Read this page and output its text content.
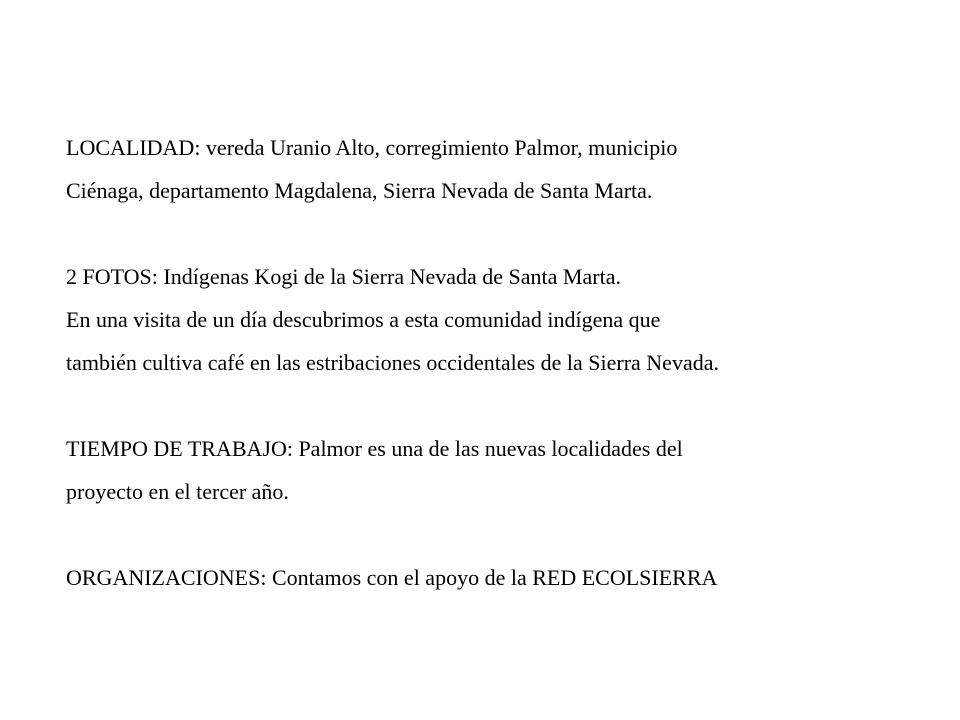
LOCALIDAD: vereda Uranio Alto, corregimiento Palmor, municipio
Ciénaga, departamento Magdalena, Sierra Nevada de Santa Marta.

2 FOTOS: Indígenas Kogi de la Sierra Nevada de Santa Marta.
En una visita de un día descubrimos a esta comunidad indígena que
también cultiva café en las estribaciones occidentales de la Sierra Nevada.

TIEMPO DE TRABAJO: Palmor es una de las nuevas localidades del
proyecto en el tercer año.

ORGANIZACIONES: Contamos con el apoyo de la RED ECOLSIERRA
